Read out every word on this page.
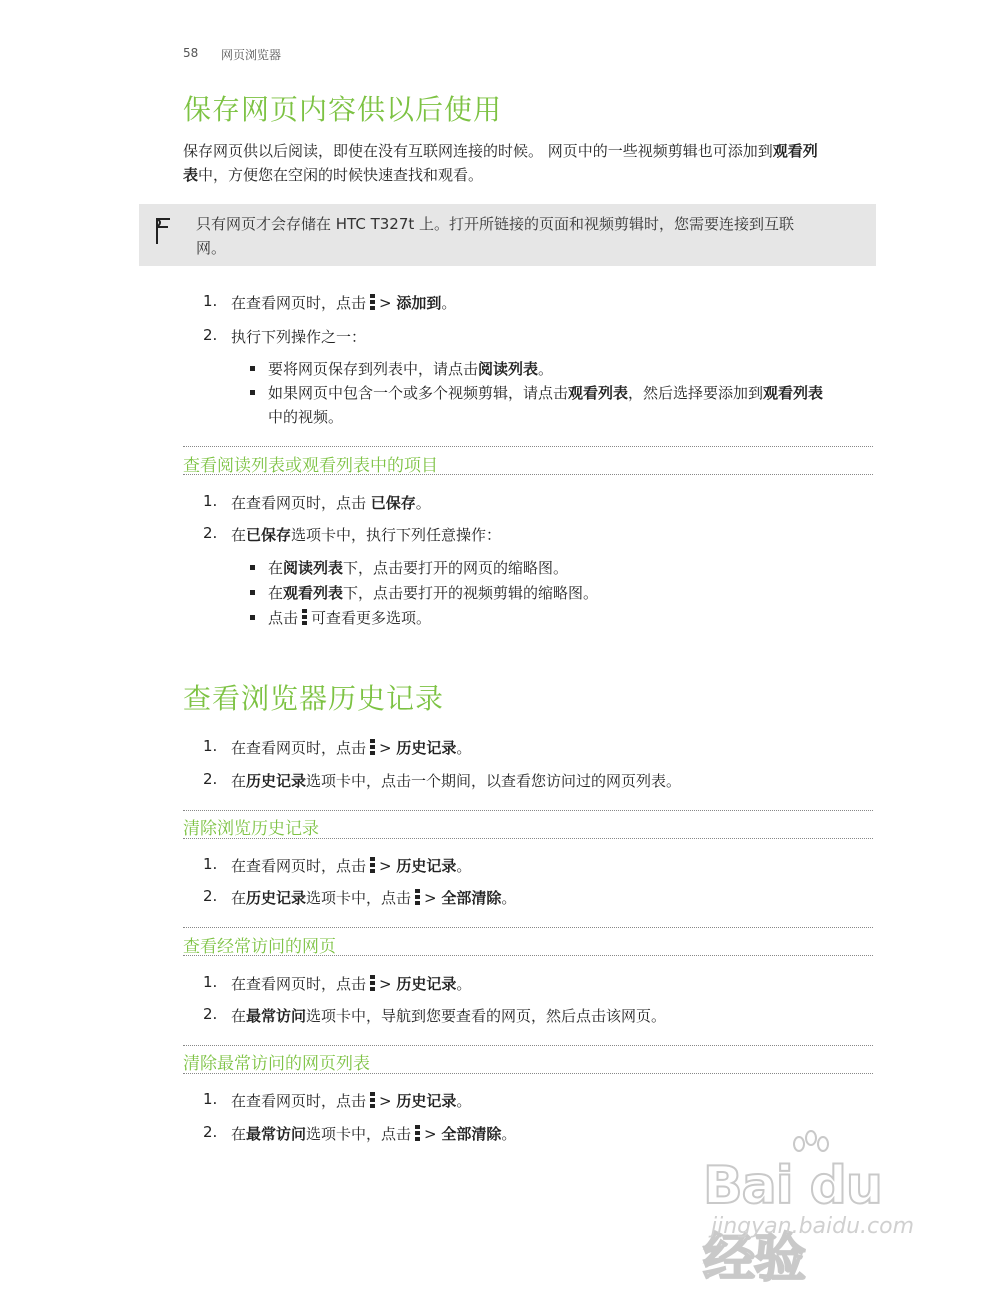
58 网页浏览器
保存网页内容供以后使用
保存网页供以后阅读，即使在没有互联网连接的时候。 网页中的一些视频剪辑也可添加到观看列
表中，方便您在空闲的时候快速查找和观看。
只有网页才会存储在 HTC T327t 上。打开所链接的页面和视频剪辑时，您需要连接到互联
网。
1. 在查看网页时，点击 > 添加到。
2. 执行下列操作之一：
要将网页保存到列表中，请点击阅读列表。
如果网页中包含一个或多个视频剪辑，请点击观看列表，然后选择要添加到观看列表
中的视频。
查看阅读列表或观看列表中的项目
1. 在查看网页时，点击 已保存。
2. 在已保存选项卡中，执行下列任意操作：
在阅读列表下，点击要打开的网页的缩略图。
在观看列表下，点击要打开的视频剪辑的缩略图。
点击 可查看更多选项。
查看浏览器历史记录
1. 在查看网页时，点击 > 历史记录。
2. 在历史记录选项卡中，点击一个期间，以查看您访问过的网页列表。
清除浏览历史记录
1. 在查看网页时，点击 > 历史记录。
2. 在历史记录选项卡中，点击 > 全部清除。
查看经常访问的网页
1. 在查看网页时，点击 > 历史记录。
2. 在最常访问选项卡中，导航到您要查看的网页，然后点击该网页。
清除最常访问的网页列表
1. 在查看网页时，点击 > 历史记录。
2. 在最常访问选项卡中，点击 > 全部清除。
Bai du 经验
jingyan.baidu.com
